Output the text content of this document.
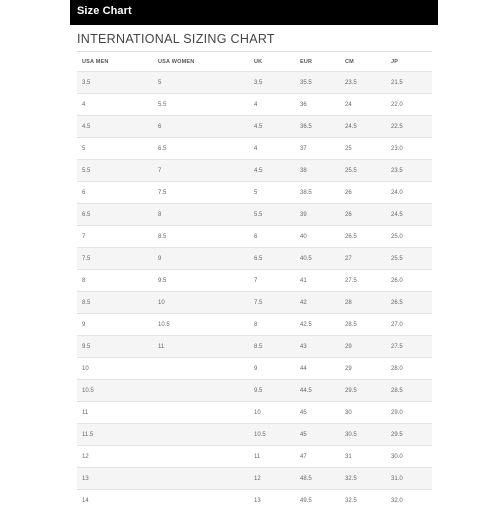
Size Chart
INTERNATIONAL SIZING CHART
USA MEN	USA WOMEN	UK	EUR	CM	JP
3.5	5	3.5	35.5	23.5	21.5
4	5.5	4	36	24	22.0
4.5	6	4.5	36.5	24.5	22.5
5	6.5	4	37	25	23.0
5.5	7	4.5	38	25.5	23.5
6	7.5	5	38.5	26	24.0
6.5	8	5.5	39	26	24.5
7	8.5	6	40	26.5	25.0
7.5	9	6.5	40.5	27	25.5
8	9.5	7	41	27.5	26.0
8.5	10	7.5	42	28	26.5
9	10.5	8	42.5	28.5	27.0
9.5	11	8.5	43	29	27.5
10		9	44	29	28.0
10.5		9.5	44.5	29.5	28.5
11		10	45	30	29.0
11.5		10.5	45	30.5	29.5
12		11	47	31	30.0
13		12	48.5	32.5	31.0
14		13	49.5	32.5	32.0
